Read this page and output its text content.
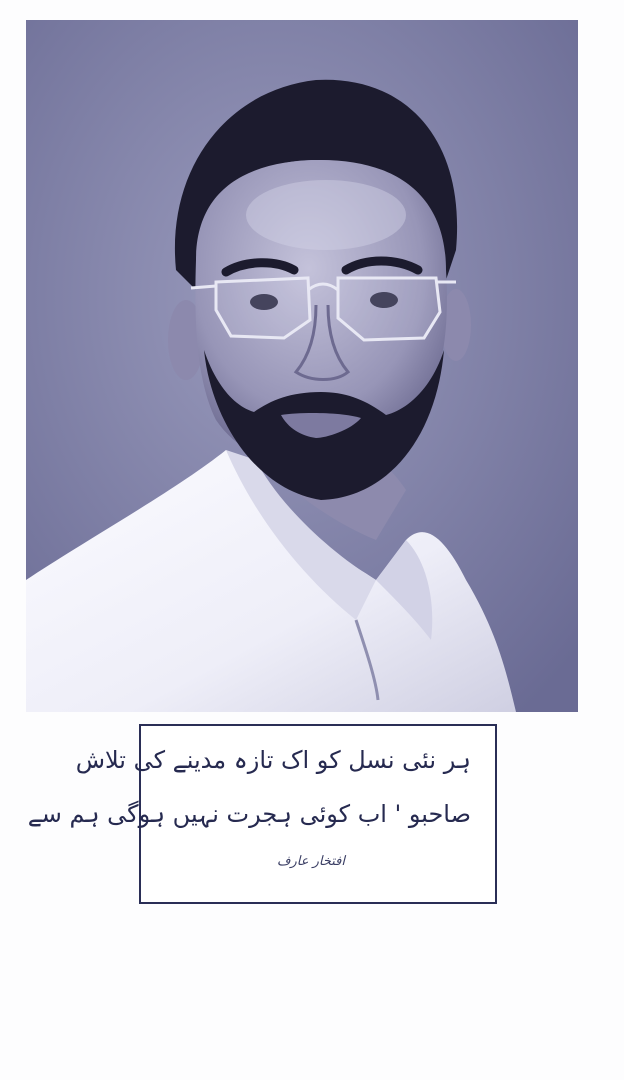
ہر نئی نسل کو اک تازہ مدینے کی تلاش
صاحبو ' اب کوئی ہجرت نہیں ہوگی ہم سے
افتخار عارف
